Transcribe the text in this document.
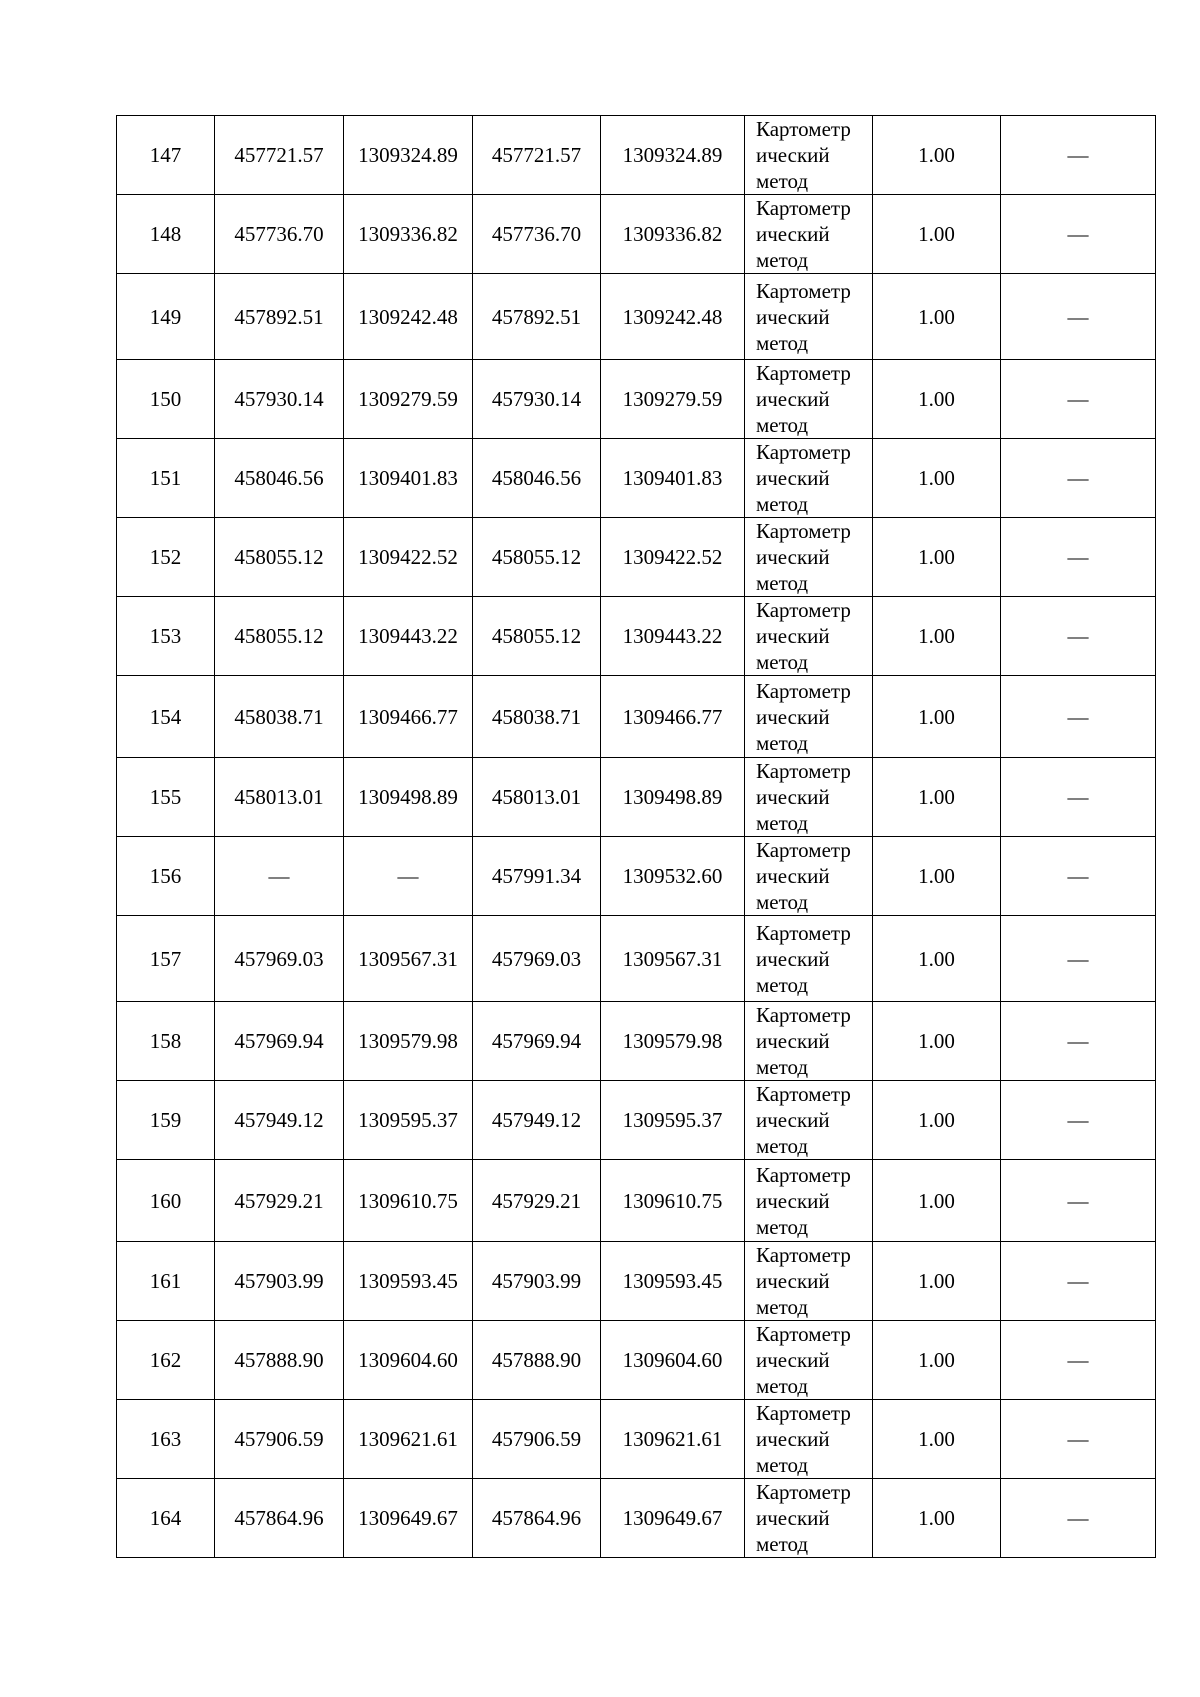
147	457721.57	1309324.89	457721.57	1309324.89	Картометр
ический
метод	1.00	—
148	457736.70	1309336.82	457736.70	1309336.82	Картометр
ический
метод	1.00	—
149	457892.51	1309242.48	457892.51	1309242.48	Картометр
ический
метод	1.00	—
150	457930.14	1309279.59	457930.14	1309279.59	Картометр
ический
метод	1.00	—
151	458046.56	1309401.83	458046.56	1309401.83	Картометр
ический
метод	1.00	—
152	458055.12	1309422.52	458055.12	1309422.52	Картометр
ический
метод	1.00	—
153	458055.12	1309443.22	458055.12	1309443.22	Картометр
ический
метод	1.00	—
154	458038.71	1309466.77	458038.71	1309466.77	Картометр
ический
метод	1.00	—
155	458013.01	1309498.89	458013.01	1309498.89	Картометр
ический
метод	1.00	—
156	—	—	457991.34	1309532.60	Картометр
ический
метод	1.00	—
157	457969.03	1309567.31	457969.03	1309567.31	Картометр
ический
метод	1.00	—
158	457969.94	1309579.98	457969.94	1309579.98	Картометр
ический
метод	1.00	—
159	457949.12	1309595.37	457949.12	1309595.37	Картометр
ический
метод	1.00	—
160	457929.21	1309610.75	457929.21	1309610.75	Картометр
ический
метод	1.00	—
161	457903.99	1309593.45	457903.99	1309593.45	Картометр
ический
метод	1.00	—
162	457888.90	1309604.60	457888.90	1309604.60	Картометр
ический
метод	1.00	—
163	457906.59	1309621.61	457906.59	1309621.61	Картометр
ический
метод	1.00	—
164	457864.96	1309649.67	457864.96	1309649.67	Картометр
ический
метод	1.00	—
